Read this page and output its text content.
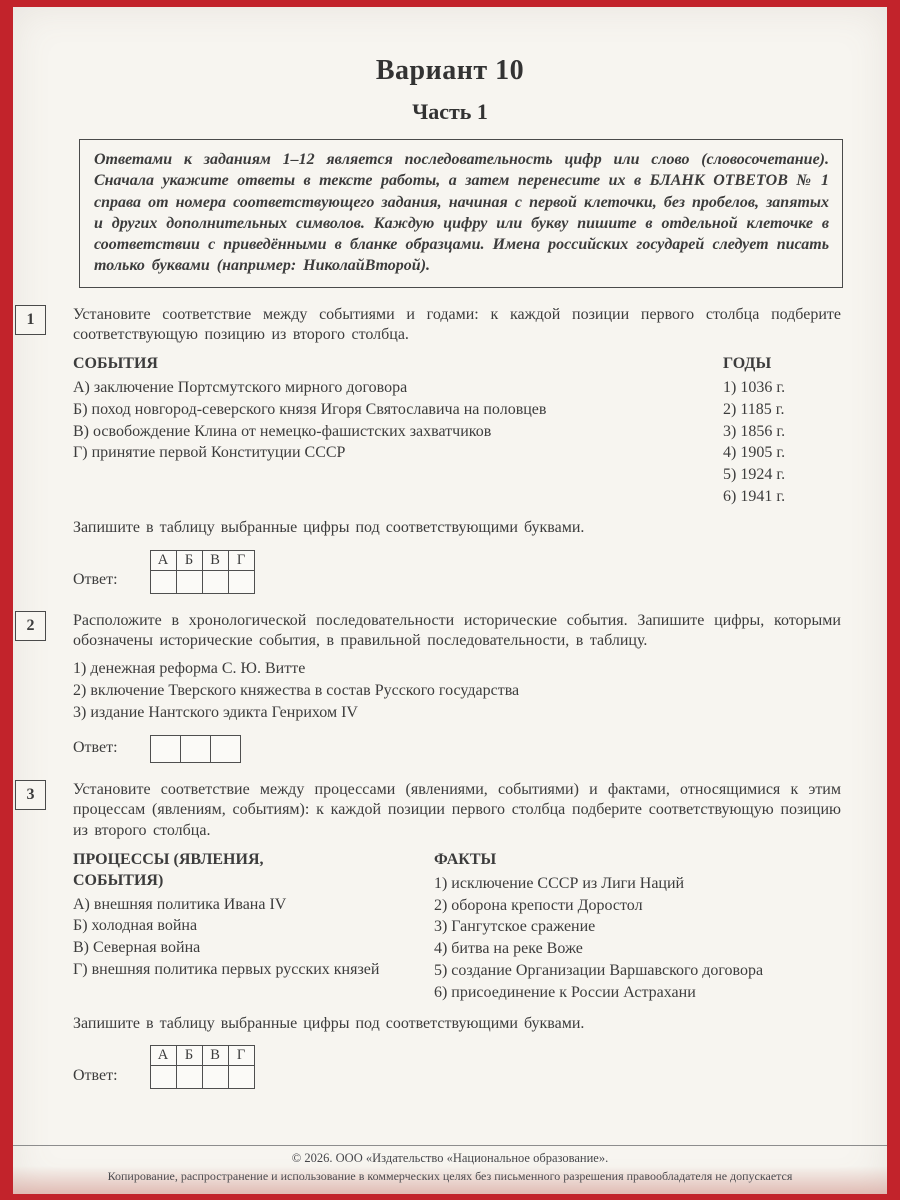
Вариант 10
Часть 1
Ответами к заданиям 1–12 является последовательность цифр или слово (словосочетание). Сначала укажите ответы в тексте работы, а затем перенесите их в БЛАНК ОТВЕТОВ № 1 справа от номера соответствующего задания, начиная с первой клеточки, без пробелов, запятых и других дополнительных символов. Каждую цифру или букву пишите в отдельной клеточке в соответствии с приведёнными в бланке образцами. Имена российских государей следует писать только буквами (например: НиколайВторой).
1	Установите соответствие между событиями и годами: к каждой позиции первого столбца подберите соответствующую позицию из второго столбца.
СОБЫТИЯ
А) заключение Портсмутского мирного договора
Б) поход новгород-северского князя Игоря Святославича на половцев
В) освобождение Клина от немецко-фашистских захватчиков
Г) принятие первой Конституции СССР
ГОДЫ
1) 1036 г.
2) 1185 г.
3) 1856 г.
4) 1905 г.
5) 1924 г.
6) 1941 г.
Запишите в таблицу выбранные цифры под соответствующими буквами.
Ответ:
А	Б	В	Г

2	Расположите в хронологической последовательности исторические события. Запишите цифры, которыми обозначены исторические события, в правильной последовательности, в таблицу.
1) денежная реформа С. Ю. Витте
2) включение Тверского княжества в состав Русского государства
3) издание Нантского эдикта Генрихом IV
Ответ:

3	Установите соответствие между процессами (явлениями, событиями) и фактами, относящимися к этим процессам (явлениям, событиям): к каждой позиции первого столбца подберите соответствующую позицию из второго столбца.
ПРОЦЕССЫ (ЯВЛЕНИЯ, СОБЫТИЯ)
А) внешняя политика Ивана IV
Б) холодная война
В) Северная война
Г) внешняя политика первых русских князей
ФАКТЫ
1) исключение СССР из Лиги Наций
2) оборона крепости Доростол
3) Гангутское сражение
4) битва на реке Воже
5) создание Организации Варшавского договора
6) присоединение к России Астрахани
Запишите в таблицу выбранные цифры под соответствующими буквами.
Ответ:
А	Б	В	Г

© 2026. ООО «Издательство «Национальное образование».
Копирование, распространение и использование в коммерческих целях без письменного разрешения правообладателя не допускается
